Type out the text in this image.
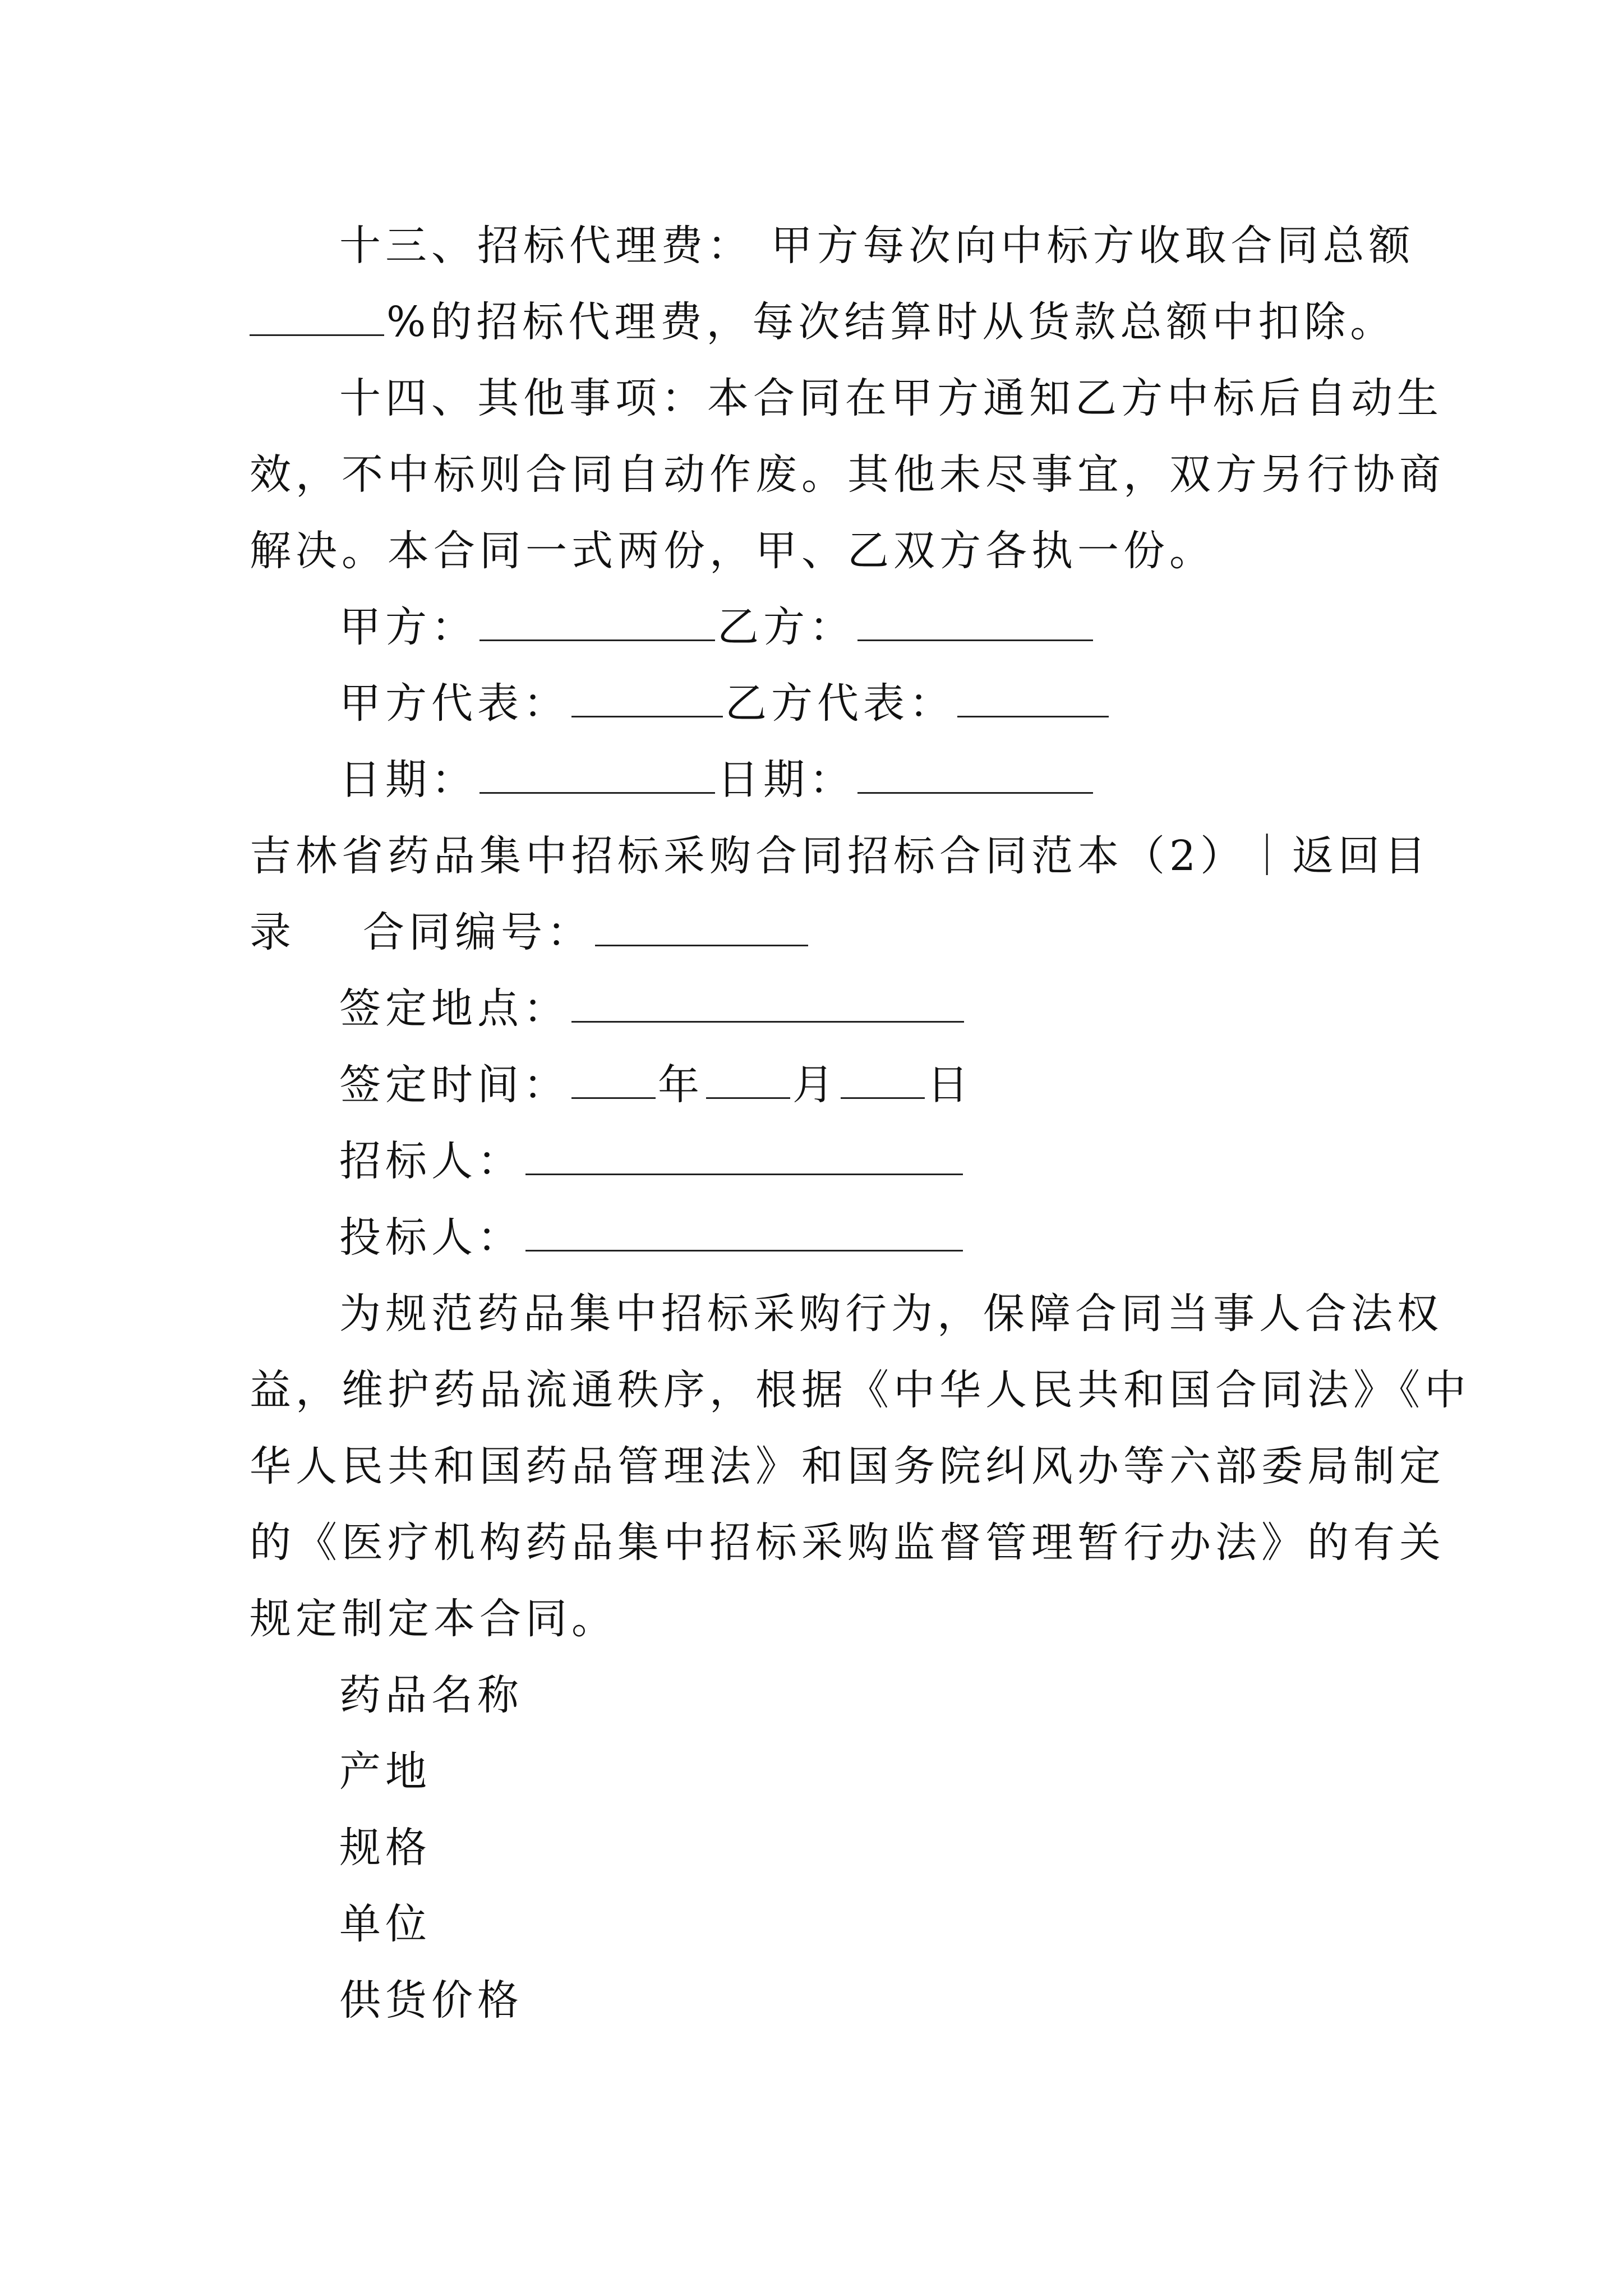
十三、招标代理费： 甲方每次向中标方收取合同总额
%的招标代理费，每次结算时从货款总额中扣除。
十四、其他事项：本合同在甲方通知乙方中标后自动生
效，不中标则合同自动作废。其他未尽事宜，双方另行协商
解决。本合同一式两份，甲、乙双方各执一份。
甲方：	乙方：
甲方代表：	乙方代表：
日期：	日期：
吉林省药品集中招标采购合同招标合同范本（2）｜返回目
录 合同编号：
签定地点：
签定时间： 年 月 日
招标人：
投标人：
为规范药品集中招标采购行为，保障合同当事人合法权
益，维护药品流通秩序，根据《中华人民共和国合同法》《中
华人民共和国药品管理法》和国务院纠风办等六部委局制定
的《医疗机构药品集中招标采购监督管理暂行办法》的有关
规定制定本合同。
药品名称
产地
规格
单位
供货价格
